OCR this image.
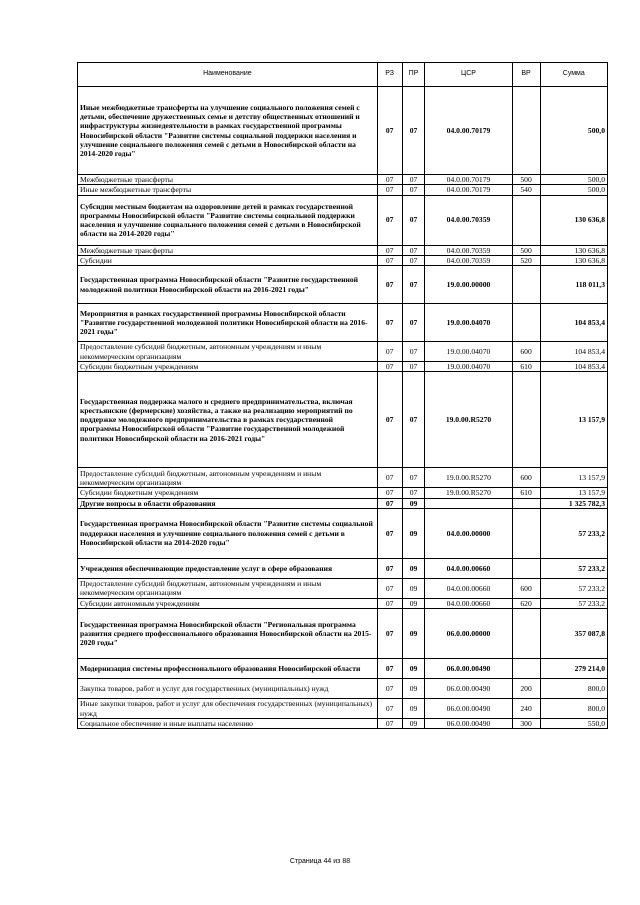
Наименование	РЗ	ПР	ЦСР	ВР	Сумма
Иные межбюджетные трансферты на улучшение социального положения семей с детьми, обеспечение дружественных семье и детству общественных отношений и инфраструктуры жизнедеятельности в рамках государственной программы Новосибирской области "Развитие системы социальной поддержки населения и улучшение социального положения семей с детьми в Новосибирской области на 2014-2020 годы"	07	07	04.0.00.70179		500,0
Межбюджетные трансферты	07	07	04.0.00.70179	500	500,0
Иные межбюджетные трансферты	07	07	04.0.00.70179	540	500,0
Субсидии местным бюджетам на оздоровление детей в рамках государственной программы Новосибирской области "Развитие системы социальной поддержки населения и улучшение социального положения семей с детьми в Новосибирской области на 2014-2020 годы"	07	07	04.0.00.70359		130 636,8
Межбюджетные трансферты	07	07	04.0.00.70359	500	130 636,8
Субсидии	07	07	04.0.00.70359	520	130 636,8
Государственная программа Новосибирской области "Развитие государственной молодежной политики Новосибирской области на 2016-2021 годы"	07	07	19.0.00.00000		118 011,3
Мероприятия в рамках государственной программы Новосибирской области "Развитие государственной молодежной политики Новосибирской области на 2016-2021 годы"	07	07	19.0.00.04070		104 853,4
Предоставление субсидий бюджетным, автономным учреждениям и иным некоммерческим организациям	07	07	19.0.00.04070	600	104 853,4
Субсидии бюджетным учреждениям	07	07	19.0.00.04070	610	104 853,4
Государственная поддержка малого и среднего предпринимательства, включая крестьянские (фермерские) хозяйства, а также на реализацию мероприятий по поддержке молодежного предпринимательства в рамках государственной программы Новосибирской области "Развитие государственной молодежной политики Новосибирской области на 2016-2021 годы"	07	07	19.0.00.R5270		13 157,9
Предоставление субсидий бюджетным, автономным учреждениям и иным некоммерческим организациям	07	07	19.0.00.R5270	600	13 157,9
Субсидии бюджетным учреждениям	07	07	19.0.00.R5270	610	13 157,9
Другие вопросы в области образования	07	09			1 325 782,3
Государственная программа Новосибирской области "Развитие системы социальной поддержки населения и улучшение социального положения семей с детьми в Новосибирской области на 2014-2020 годы"	07	09	04.0.00.00000		57 233,2
Учреждения обеспечивающие предоставление услуг в сфере образования	07	09	04.0.00.00660		57 233,2
Предоставление субсидий бюджетным, автономным учреждениям и иным некоммерческим организациям	07	09	04.0.00.00660	600	57 233,2
Субсидии автономным учреждениям	07	09	04.0.00.00660	620	57 233,2
Государственная программа Новосибирской области "Региональная программа развития среднего профессионального образования Новосибирской области на 2015-2020 годы"	07	09	06.0.00.00000		357 087,8
Модернизация системы профессионального образования Новосибирской области	07	09	06.0.00.00490		279 214,0
Закупка товаров, работ и услуг для государственных (муниципальных) нужд	07	09	06.0.00.00490	200	800,0
Иные закупки товаров, работ и услуг для обеспечения государственных (муниципальных) нужд	07	09	06.0.00.00490	240	800,0
Социальное обеспечение и иные выплаты населению	07	09	06.0.00.00490	300	550,0
Страница 44 из 88
